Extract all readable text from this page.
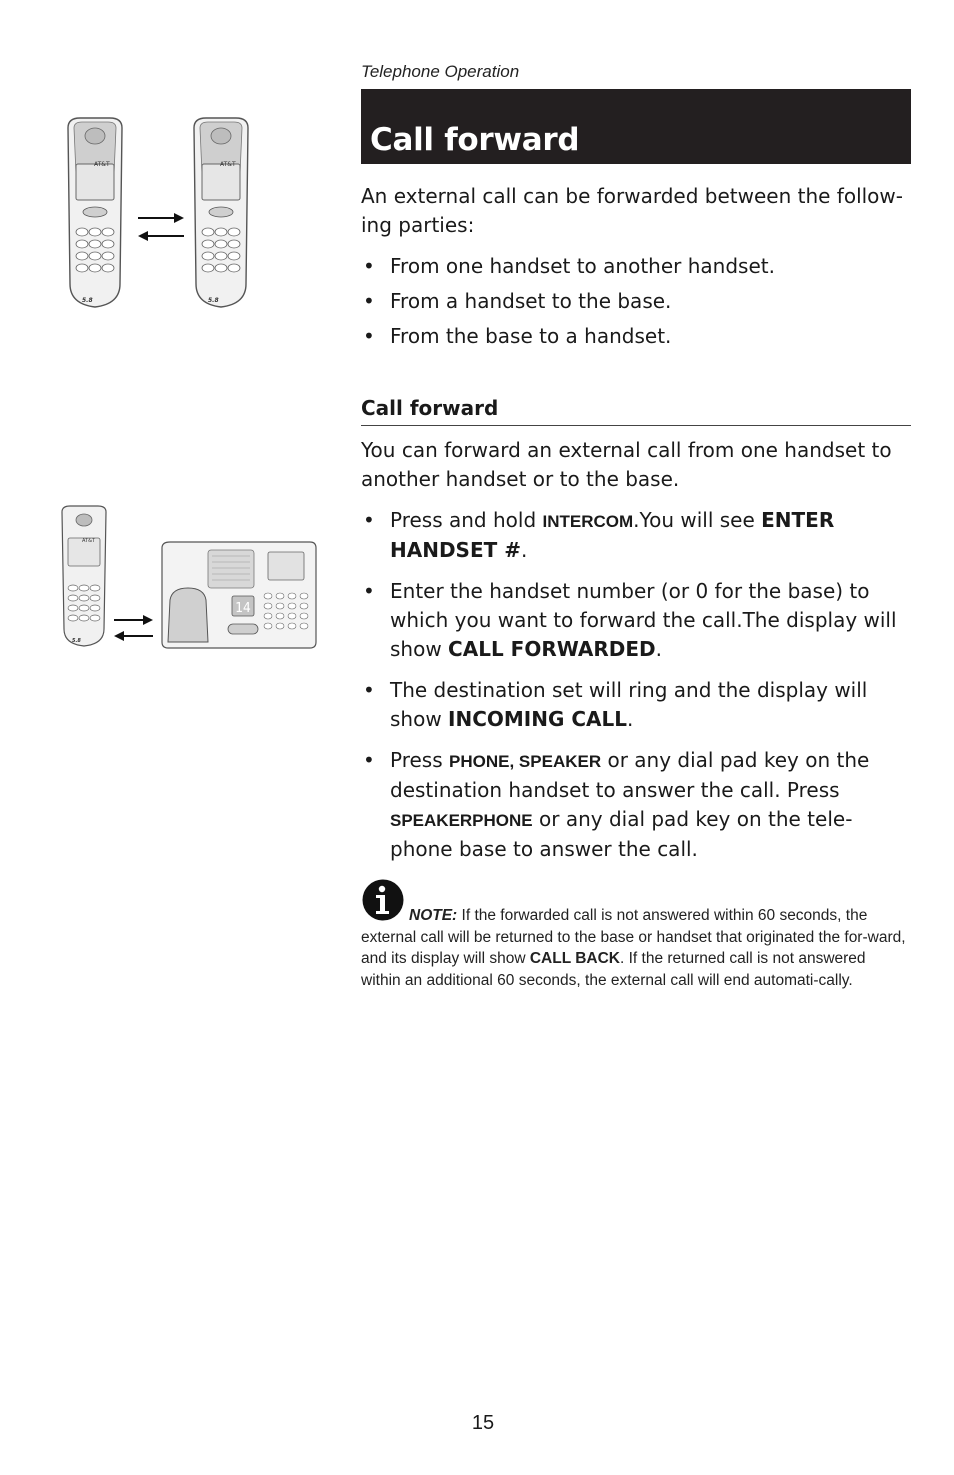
Telephone Operation
Call forward
An external call can be forwarded between the follow-ing parties:
• From one handset to another handset.
• From a handset to the base.
• From the base to a handset.
Call forward
You can forward an external call from one handset to another handset or to the base.
• Press and hold INTERCOM.You will see ENTER HANDSET #.
• Enter the handset number (or 0 for the base) to which you want to forward the call.The display will show CALL FORWARDED.
• The destination set will ring and the display will show INCOMING CALL.
• Press PHONE, SPEAKER or any dial pad key on the destination handset to answer the call. Press SPEAKERPHONE or any dial pad key on the tele-phone base to answer the call.
NOTE: If the forwarded call is not answered within 60 seconds, the external call will be returned to the base or handset that originated the for-ward, and its display will show CALL BACK. If the returned call is not answered within an additional 60 seconds, the external call will end automati-cally.
AT&T
5.8
AT&T
5.8
AT&T
5.8
14
15
